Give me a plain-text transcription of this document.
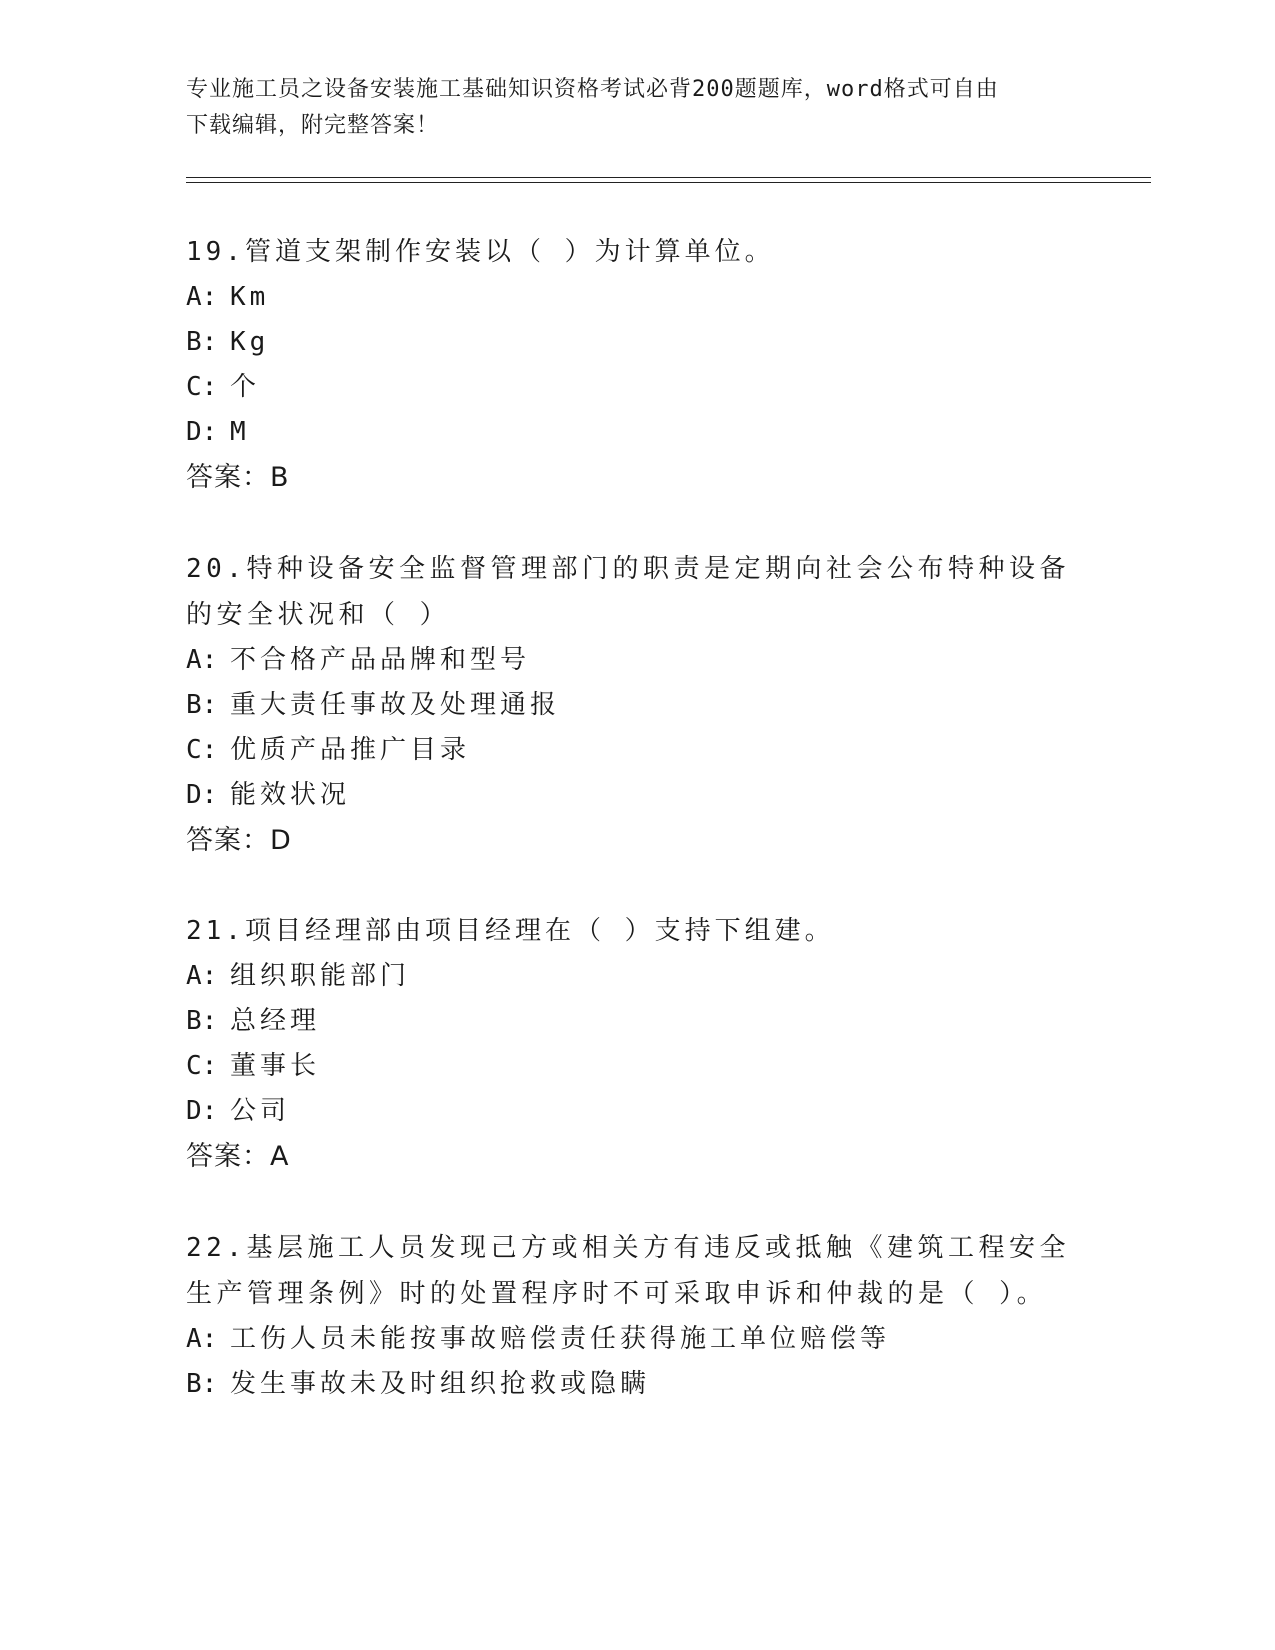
专业施工员之设备安装施工基础知识资格考试必背200题题库，word格式可自由
下载编辑，附完整答案！
19.管道支架制作安装以（ ）为计算单位。
A: Km
B: Kg
C: 个
D: M
答案：B
20.特种设备安全监督管理部门的职责是定期向社会公布特种设备的安全状况和（ ）
A: 不合格产品品牌和型号
B: 重大责任事故及处理通报
C: 优质产品推广目录
D: 能效状况
答案：D
21.项目经理部由项目经理在（ ）支持下组建。
A: 组织职能部门
B: 总经理
C: 董事长
D: 公司
答案：A
22.基层施工人员发现己方或相关方有违反或抵触《建筑工程安全生产管理条例》时的处置程序时不可采取申诉和仲裁的是（ ）。
A: 工伤人员未能按事故赔偿责任获得施工单位赔偿等
B: 发生事故未及时组织抢救或隐瞒
